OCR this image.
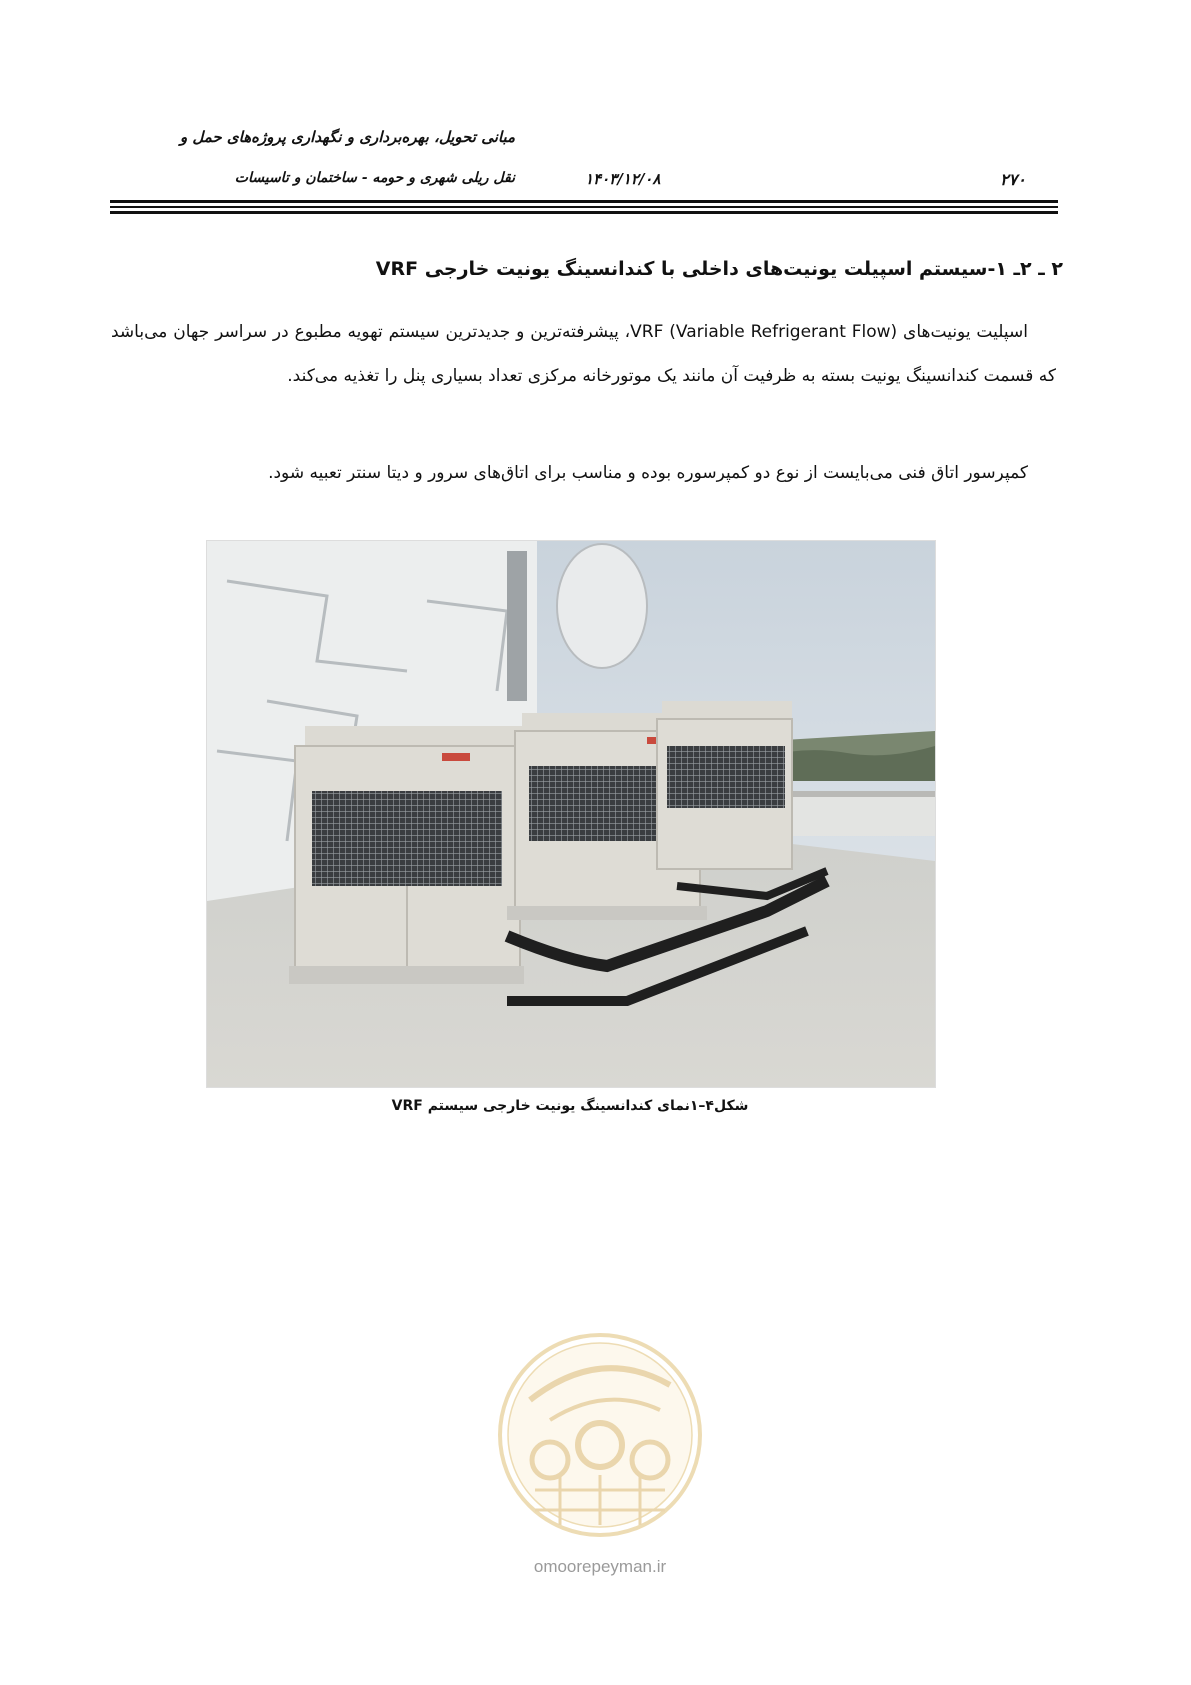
مبانی تحویل، بهره‌برداری و نگهداری پروژه‌های حمل و
نقل ریلی شهری و حومه - ساختمان و تاسیسات	۱۴۰۳/۱۲/۰۸	۲۷۰
۲ ـ ۲ـ ۱-سیستم اسپیلت یونیت‌های داخلی با کندانسینگ یونیت خارجی VRF
اسپلیت یونیت‌های VRF (Variable Refrigerant Flow)، پیشرفته‌ترین و جدیدترین سیستم تهویه مطبوع در سراسر جهان می‌باشد که قسمت کندانسینگ یونیت بسته به ظرفیت آن مانند یک موتورخانه مرکزی تعداد بسیاری پنل را تغذیه می‌کند.
کمپرسور اتاق فنی می‌بایست از نوع دو کمپرسوره بوده و مناسب برای اتاق‌های سرور و دیتا سنتر تعبیه شود.
شکل۴–۱نمای کندانسینگ یونیت خارجی سیستم VRF
omoorepeyman.ir
